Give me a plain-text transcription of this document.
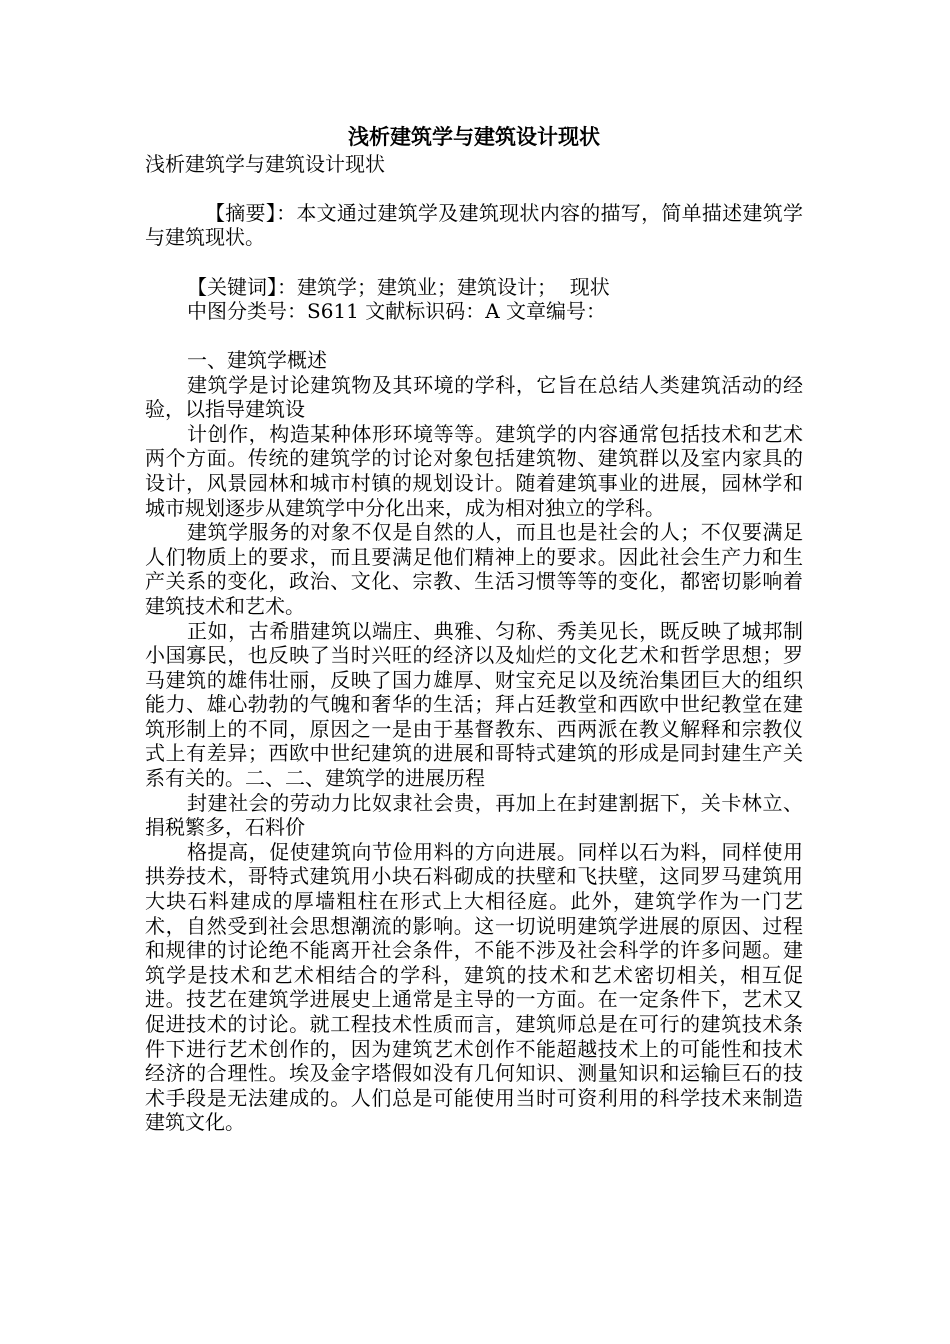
浅析建筑学与建筑设计现状

浅析建筑学与建筑设计现状

【摘要】：本文通过建筑学及建筑现状内容的描写，简单描述建筑学与建筑现状。

【关键词】：建筑学；建筑业；建筑设计；  现状

中图分类号：S611 文献标识码：A 文章编号：

一、建筑学概述

建筑学是讨论建筑物及其环境的学科，它旨在总结人类建筑活动的经验，以指导建筑设

计创作，构造某种体形环境等等。建筑学的内容通常包括技术和艺术两个方面。传统的建筑学的讨论对象包括建筑物、建筑群以及室内家具的设计，风景园林和城市村镇的规划设计。随着建筑事业的进展，园林学和城市规划逐步从建筑学中分化出来，成为相对独立的学科。

建筑学服务的对象不仅是自然的人，而且也是社会的人；不仅要满足人们物质上的要求，而且要满足他们精神上的要求。因此社会生产力和生产关系的变化，政治、文化、宗教、生活习惯等等的变化，都密切影响着建筑技术和艺术。

正如，古希腊建筑以端庄、典雅、匀称、秀美见长，既反映了城邦制小国寡民，也反映了当时兴旺的经济以及灿烂的文化艺术和哲学思想；罗马建筑的雄伟壮丽，反映了国力雄厚、财宝充足以及统治集团巨大的组织能力、雄心勃勃的气魄和奢华的生活；拜占廷教堂和西欧中世纪教堂在建筑形制上的不同，原因之一是由于基督教东、西两派在教义解释和宗教仪式上有差异；西欧中世纪建筑的进展和哥特式建筑的形成是同封建生产关系有关的。二、二、建筑学的进展历程

封建社会的劳动力比奴隶社会贵，再加上在封建割据下，关卡林立、捐税繁多，石料价

格提高，促使建筑向节俭用料的方向进展。同样以石为料，同样使用拱券技术，哥特式建筑用小块石料砌成的扶壁和飞扶壁，这同罗马建筑用大块石料建成的厚墙粗柱在形式上大相径庭。此外，建筑学作为一门艺术，自然受到社会思想潮流的影响。这一切说明建筑学进展的原因、过程和规律的讨论绝不能离开社会条件，不能不涉及社会科学的许多问题。建筑学是技术和艺术相结合的学科，建筑的技术和艺术密切相关，相互促进。技艺在建筑学进展史上通常是主导的一方面。在一定条件下，艺术又促进技术的讨论。就工程技术性质而言，建筑师总是在可行的建筑技术条件下进行艺术创作的，因为建筑艺术创作不能超越技术上的可能性和技术经济的合理性。埃及金字塔假如没有几何知识、测量知识和运输巨石的技术手段是无法建成的。人们总是可能使用当时可资利用的科学技术来制造建筑文化。
